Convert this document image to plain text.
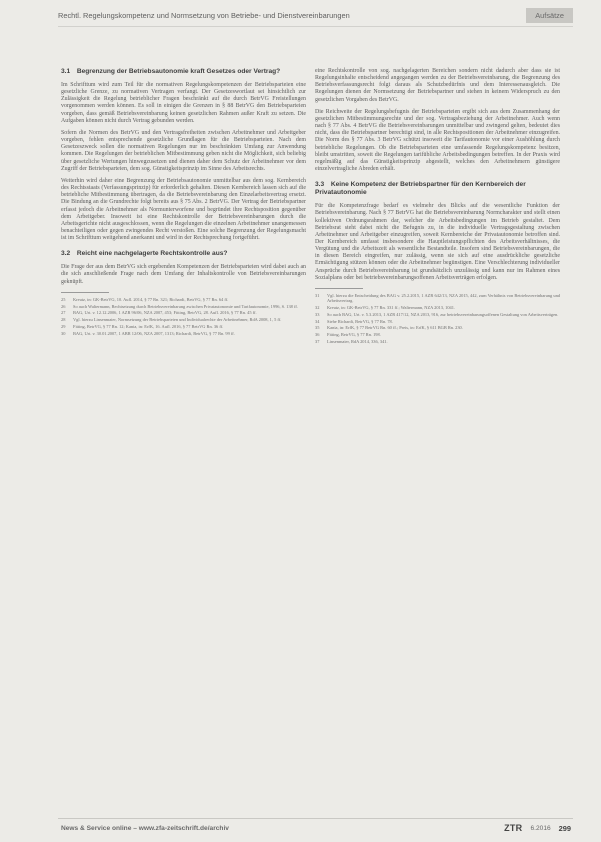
Rechtl. Regelungskompetenz und Normsetzung von Betriebe- und Dienstvereinbarungen	Aufsätze
3.1 Begrenzung der Betriebsautonomie kraft Gesetzes oder Vertrag?

Im Schrifttum wird zum Teil für die normativen Regelungskompetenzen der Betriebsparteien eine gesetzliche Grenze, zu normativen Vertragen verfangt. Der Gesetzeswortlaut sei hinsichtlich zur Zulässigkeit die Regelung betrieblicher Fragen beschränkt auf die durch BetrVG Freistellungen vorgenommen werden können. Es soll in einigen die Grenzen in § 88 BetrVG den Betriebsparteien vorgeben, dass gemäß Betriebsvereinbarung keinen gesetzlichen Rahmen außer Kraft zu setzen. Die Aufgaben können nicht durch Vertrag gebunden werden.

Sofern die Normen des BetrVG und den Vertragsfreiheiten zwischen Arbeitnehmer und Arbeitgeber vorgeben, fehlen entsprechende gesetzliche Grundlagen für die Betriebsparteien. Nach dem Gesetzeszweck sollen die normativen Regelungen nur im beschränkten Umfang zur Anwendung kommen. Die Regelungen der betrieblichen Mitbestimmung geben nicht die Möglichkeit, sich beliebig über gesetzliche Wertungen hinwegzusetzen und dienen daher dem Schutz der Arbeitnehmer vor dem Zugriff der Betriebsparteien, dem sog. Günstigkeitsprinzip im Sinne des Arbeitsrechts.

Weiterhin wird daher eine Begrenzung der Betriebsautonomie unmittelbar aus dem sog. Kernbereich des Rechtsstaats (Verfassungsprinzip) für erforderlich gehalten. Diesen Kernbereich lassen sich auf die betriebliche Mitbestimmung übertragen, da die Betriebsvereinbarung den Einzelarbeitsvertrag ersetzt. Die Bindung an die Grundrechte folgt bereits aus § 75 Abs. 2 BetrVG. Der Vertrag der Betriebspartner erfasst jedoch die Arbeitnehmer als Normunterworfene und begründet ihre Rechtsposition gegenüber dem Arbeitgeber. Insoweit ist eine Rechtskontrolle der Betriebsvereinbarungen durch die Arbeitsgerichte nicht ausgeschlossen, wenn die Regelungen die einzelnen Arbeitnehmer unangemessen benachteiligen oder gegen zwingendes Recht verstoßen. Eine solche Begrenzung der Regelungsmacht ist im Schrifttum weitgehend anerkannt und wird in der Rechtsprechung fortgeführt.

3.2 Reicht eine nachgelagerte Rechtskontrolle aus?

Die Frage der aus dem BetrVG sich ergebenden Kompetenzen der Betriebsparteien wird dabei auch an die sich anschließende Frage nach dem Umfang der Inhaltskontrolle von Betriebsvereinbarungen geknüpft.

25	Kreutz, in: GK-BetrVG, 10. Aufl. 2014, § 77 Rn. 321; Richardi, BetrVG, § 77 Rn. 64 ff.
26	So auch Waltermann, Rechtsetzung durch Betriebsvereinbarung zwischen Privatautonomie und Tarifautonomie, 1996, S. 138 ff.
27	BAG, Urt. v. 12.12.2006, 1 AZR 96/06, NZA 2007, 453; Fitting, BetrVG, 28. Aufl. 2016, § 77 Rn. 45 ff.
28	Vgl. hierzu Linsenmaier, Normsetzung der Betriebsparteien und Individualrechte der Arbeitnehmer, RdA 2008, 1, 5 ff.
29	Fitting, BetrVG, § 77 Rn. 12; Kania, in: ErfK, 16. Aufl. 2016, § 77 BetrVG Rn. 36 ff.
30	BAG, Urt. v. 30.01.2007, 1 ABR 12/06, NZA 2007, 1313; Richardi, BetrVG, § 77 Rn. 99 ff.

eine Rechtskontrolle von sog. nachgelagerten Bereichen sondern nicht dadurch aber dass sie ist Regelungsinhalte entscheidend angegangen werden zu der Betriebsvereinbarung, die Begrenzung des Betriebsverfassungsrecht folgt daraus als Schutzbedürfnis und dem Interessenausgleich. Die Regelungen dienen der Normsetzung der Betriebspartner und stehen in keinem Widerspruch zu den gesetzlichen Vorgaben des BetrVG.

Die Reichweite der Regelungsbefugnis der Betriebsparteien ergibt sich aus dem Zusammenhang der gesetzlichen Mitbestimmungsrechte und der sog. Vertragsbeziehung der Arbeitnehmer. Auch wenn nach § 77 Abs. 4 BetrVG die Betriebsvereinbarungen unmittelbar und zwingend gelten, bedeutet dies nicht, dass die Betriebspartner berechtigt sind, in alle Rechtspositionen der Arbeitnehmer einzugreifen. Die Norm des § 77 Abs. 3 BetrVG schützt insoweit die Tarifautonomie vor einer Aushöhlung durch betriebliche Regelungen. Ob die Betriebsparteien eine umfassende Regelungskompetenz besitzen, bleibt umstritten, soweit die Regelungen tarifübliche Arbeitsbedingungen betreffen. In der Praxis wird regelmäßig auf das Günstigkeitsprinzip abgestellt, welches den Arbeitnehmern günstigere einzelvertragliche Abreden erhält.

3.3 Keine Kompetenz der Betriebspartner für den Kernbereich der Privatautonomie

Für die Kompetenzfrage bedarf es vielmehr des Blicks auf die wesentliche Funktion der Betriebsvereinbarung. Nach § 77 BetrVG hat die Betriebsvereinbarung Normcharakter und stellt einen kollektiven Ordnungsrahmen dar, welcher die Arbeitsbedingungen im Betrieb gestaltet. Dem Betriebsrat steht dabei nicht die Befugnis zu, in die individuelle Vertragsgestaltung zwischen Arbeitnehmer und Arbeitgeber einzugreifen, soweit Kernbereiche der Privatautonomie betroffen sind. Der Kernbereich umfasst insbesondere die Hauptleistungspflichten des Arbeitsverhältnisses, die Vergütung und die Arbeitszeit als wesentliche Bestandteile. Insofern sind Betriebsvereinbarungen, die in diesen Bereich eingreifen, nur zulässig, wenn sie sich auf eine ausdrückliche gesetzliche Ermächtigung stützen können oder die Arbeitnehmer begünstigen. Eine Verschlechterung individueller Ansprüche durch Betriebsvereinbarung ist grundsätzlich unzulässig und kann nur im Rahmen eines Sozialplans oder bei betriebsvereinbarungsoffenen Arbeitsverträgen erfolgen.

31	Vgl. hierzu die Entscheidung des BAG v. 25.2.2015, 1 AZR 642/13, NZA 2015, 442, zum Verhältnis von Betriebsvereinbarung und Arbeitsvertrag.
32	Kreutz, in: GK-BetrVG, § 77 Rn. 331 ff.; Waltermann, NZA 2013, 1041.
33	So auch BAG, Urt. v. 5.3.2013, 1 AZR 417/12, NZA 2013, 916, zur betriebsvereinbarungsoffenen Gestaltung von Arbeitsverträgen.
34	Siehe Richardi, BetrVG, § 77 Rn. 78.
35	Kania, in: ErfK, § 77 BetrVG Rn. 60 ff.; Preis, in: ErfK, § 611 BGB Rn. 230.
36	Fitting, BetrVG, § 77 Rn. 198.
37	Linsenmaier, RdA 2014, 336, 341.
News & Service online – www.zfa-zeitschrift.de/archiv	ZTR 6.2016 299
